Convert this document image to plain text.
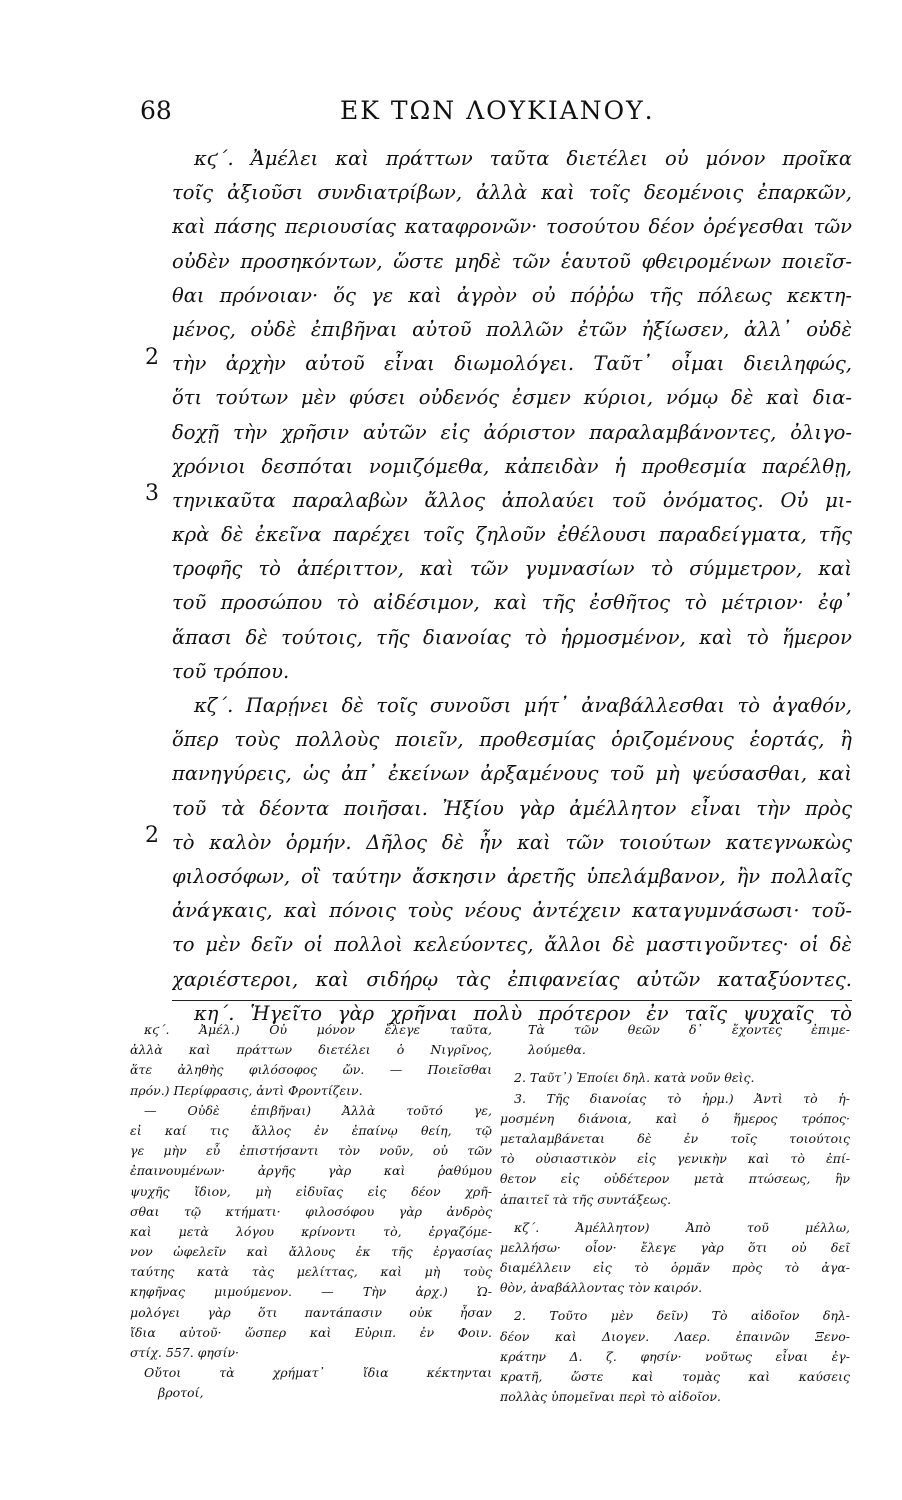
68	ΕΚ ΤΩΝ ΛΟΥΚΙΑΝΟΥ.
2
3
2
κϛ΄. Ἀμέλει καὶ πράττων ταῦτα διετέλει οὐ μόνον προῖκα
τοῖς ἀξιοῦσι συνδιατρίβων, ἀλλὰ καὶ τοῖς δεομένοις ἐπαρκῶν,
καὶ πάσης περιουσίας καταφρονῶν· τοσούτου δέον ὀρέγεσθαι τῶν
οὐδὲν προσηκόντων, ὥστε μηδὲ τῶν ἑαυτοῦ φθειρομένων ποιεῖσ-
θαι πρόνοιαν· ὅς γε καὶ ἀγρὸν οὐ πόῤῥω τῆς πόλεως κεκτη-
μένος, οὐδὲ ἐπιβῆναι αὐτοῦ πολλῶν ἐτῶν ἠξίωσεν, ἀλλ᾽ οὐδὲ
τὴν ἀρχὴν αὐτοῦ εἶναι διωμολόγει. Ταῦτ᾽ οἶμαι διειληφώς,
ὅτι τούτων μὲν φύσει οὐδενός ἐσμεν κύριοι, νόμῳ δὲ καὶ δια-
δοχῇ τὴν χρῆσιν αὐτῶν εἰς ἀόριστον παραλαμβάνοντες, ὀλιγο-
χρόνιοι δεσπόται νομιζόμεθα, κἀπειδὰν ἡ προθεσμία παρέλθῃ,
τηνικαῦτα παραλαβὼν ἄλλος ἀπολαύει τοῦ ὀνόματος. Οὐ μι-
κρὰ δὲ ἐκεῖνα παρέχει τοῖς ζηλοῦν ἐθέλουσι παραδείγματα, τῆς
τροφῆς τὸ ἀπέριττον, καὶ τῶν γυμνασίων τὸ σύμμετρον, καὶ
τοῦ προσώπου τὸ αἰδέσιμον, καὶ τῆς ἐσθῆτος τὸ μέτριον· ἐφ᾽
ἅπασι δὲ τούτοις, τῆς διανοίας τὸ ἡρμοσμένον, καὶ τὸ ἥμερον
τοῦ τρόπου.
κζ΄. Παρῄνει δὲ τοῖς συνοῦσι μήτ᾽ ἀναβάλλεσθαι τὸ ἀγαθόν,
ὅπερ τοὺς πολλοὺς ποιεῖν, προθεσμίας ὁριζομένους ἑορτάς, ἢ
πανηγύρεις, ὡς ἀπ᾽ ἐκείνων ἀρξαμένους τοῦ μὴ ψεύσασθαι, καὶ
τοῦ τὰ δέοντα ποιῆσαι. Ἠξίου γὰρ ἀμέλλητον εἶναι τὴν πρὸς
τὸ καλὸν ὁρμήν. Δῆλος δὲ ἦν καὶ τῶν τοιούτων κατεγνωκὼς
φιλοσόφων, οἳ ταύτην ἄσκησιν ἀρετῆς ὑπελάμβανον, ἢν πολλαῖς
ἀνάγκαις, καὶ πόνοις τοὺς νέους ἀντέχειν καταγυμνάσωσι· τοῦ-
το μὲν δεῖν οἱ πολλοὶ κελεύοντες, ἄλλοι δὲ μαστιγοῦντες· οἱ δὲ
χαριέστεροι, καὶ σιδήρῳ τὰς ἐπιφανείας αὐτῶν καταξύοντες.
κη΄. Ἡγεῖτο γὰρ χρῆναι πολὺ πρότερον ἐν ταῖς ψυχαῖς τὸ
κϛ΄. Ἀμέλ.) Οὐ μόνον ἔλεγε ταῦτα,
ἀλλὰ καὶ πράττων διετέλει ὁ Νιγρῖνος,
ἅτε ἀληθὴς φιλόσοφος ὤν. — Ποιεῖσθαι
πρόν.) Περίφρασις, ἀντὶ Φροντίζειν.
— Οὐδὲ ἐπιβῆναι) Ἀλλὰ τοῦτό γε,
εἰ καί τις ἄλλος ἐν ἐπαίνῳ θείη, τῷ
γε μὴν εὖ ἐπιστήσαντι τὸν νοῦν, οὐ τῶν
ἐπαινουμένων· ἀργῆς γὰρ καὶ ῥαθύμου
ψυχῆς ἴδιον, μὴ εἰδυῖας εἰς δέον χρῆ-
σθαι τῷ κτήματι· φιλοσόφου γὰρ ἀνδρὸς
καὶ μετὰ λόγου κρίνοντι τὸ, ἐργαζόμε-
νον ὠφελεῖν καὶ ἄλλους ἐκ τῆς ἐργασίας
ταύτης κατὰ τὰς μελίττας, καὶ μὴ τοὺς
κηφῆνας μιμούμενον. — Τὴν ἀρχ.) Ὡ-
μολόγει γὰρ ὅτι παντάπασιν οὐκ ἦσαν
ἴδια αὐτοῦ· ὥσπερ καὶ Εὐριπ. ἐν Φοιν.
στίχ. 557. φησίν·
Οὔτοι τὰ χρήματ᾽ ἴδια κέκτηνται
βροτοί,
Τὰ τῶν θεῶν δ᾽ ἔχοντες ἐπιμε-
λούμεθα.
2. Ταῦτ᾽) Ἐποίει δηλ. κατὰ νοῦν θεὶς.
3. Τῆς διανοίας τὸ ἡρμ.) Ἀντὶ τὸ ἡ-
μοσμένη διάνοια, καὶ ὁ ἥμερος τρόπος·
μεταλαμβάνεται δὲ ἐν τοῖς τοιούτοις
τὸ οὐσιαστικὸν εἰς γενικὴν καὶ τὸ ἐπί-
θετον εἰς οὐδέτερον μετὰ πτώσεως, ἣν
ἀπαιτεῖ τὰ τῆς συντάξεως.
κζ΄. Ἀμέλλητον) Ἀπὸ τοῦ μέλλω,
μελλήσω· οἷον· ἔλεγε γὰρ ὅτι οὐ δεῖ
διαμέλλειν εἰς τὸ ὁρμᾶν πρὸς τὸ ἀγα-
θὸν, ἀναβάλλοντας τὸν καιρόν.
2. Τοῦτο μὲν δεῖν) Τὸ αἰδοῖον δηλ-
δέον καὶ Διογεν. Λαερ. ἐπαινῶν Ξενο-
κράτην Δ. ζ. φησίν· νοῦτως εἶναι ἐγ-
κρατῆ, ὥστε καὶ τομὰς καὶ καύσεις
πολλὰς ὑπομεῖναι περὶ τὸ αἰδοῖον.
